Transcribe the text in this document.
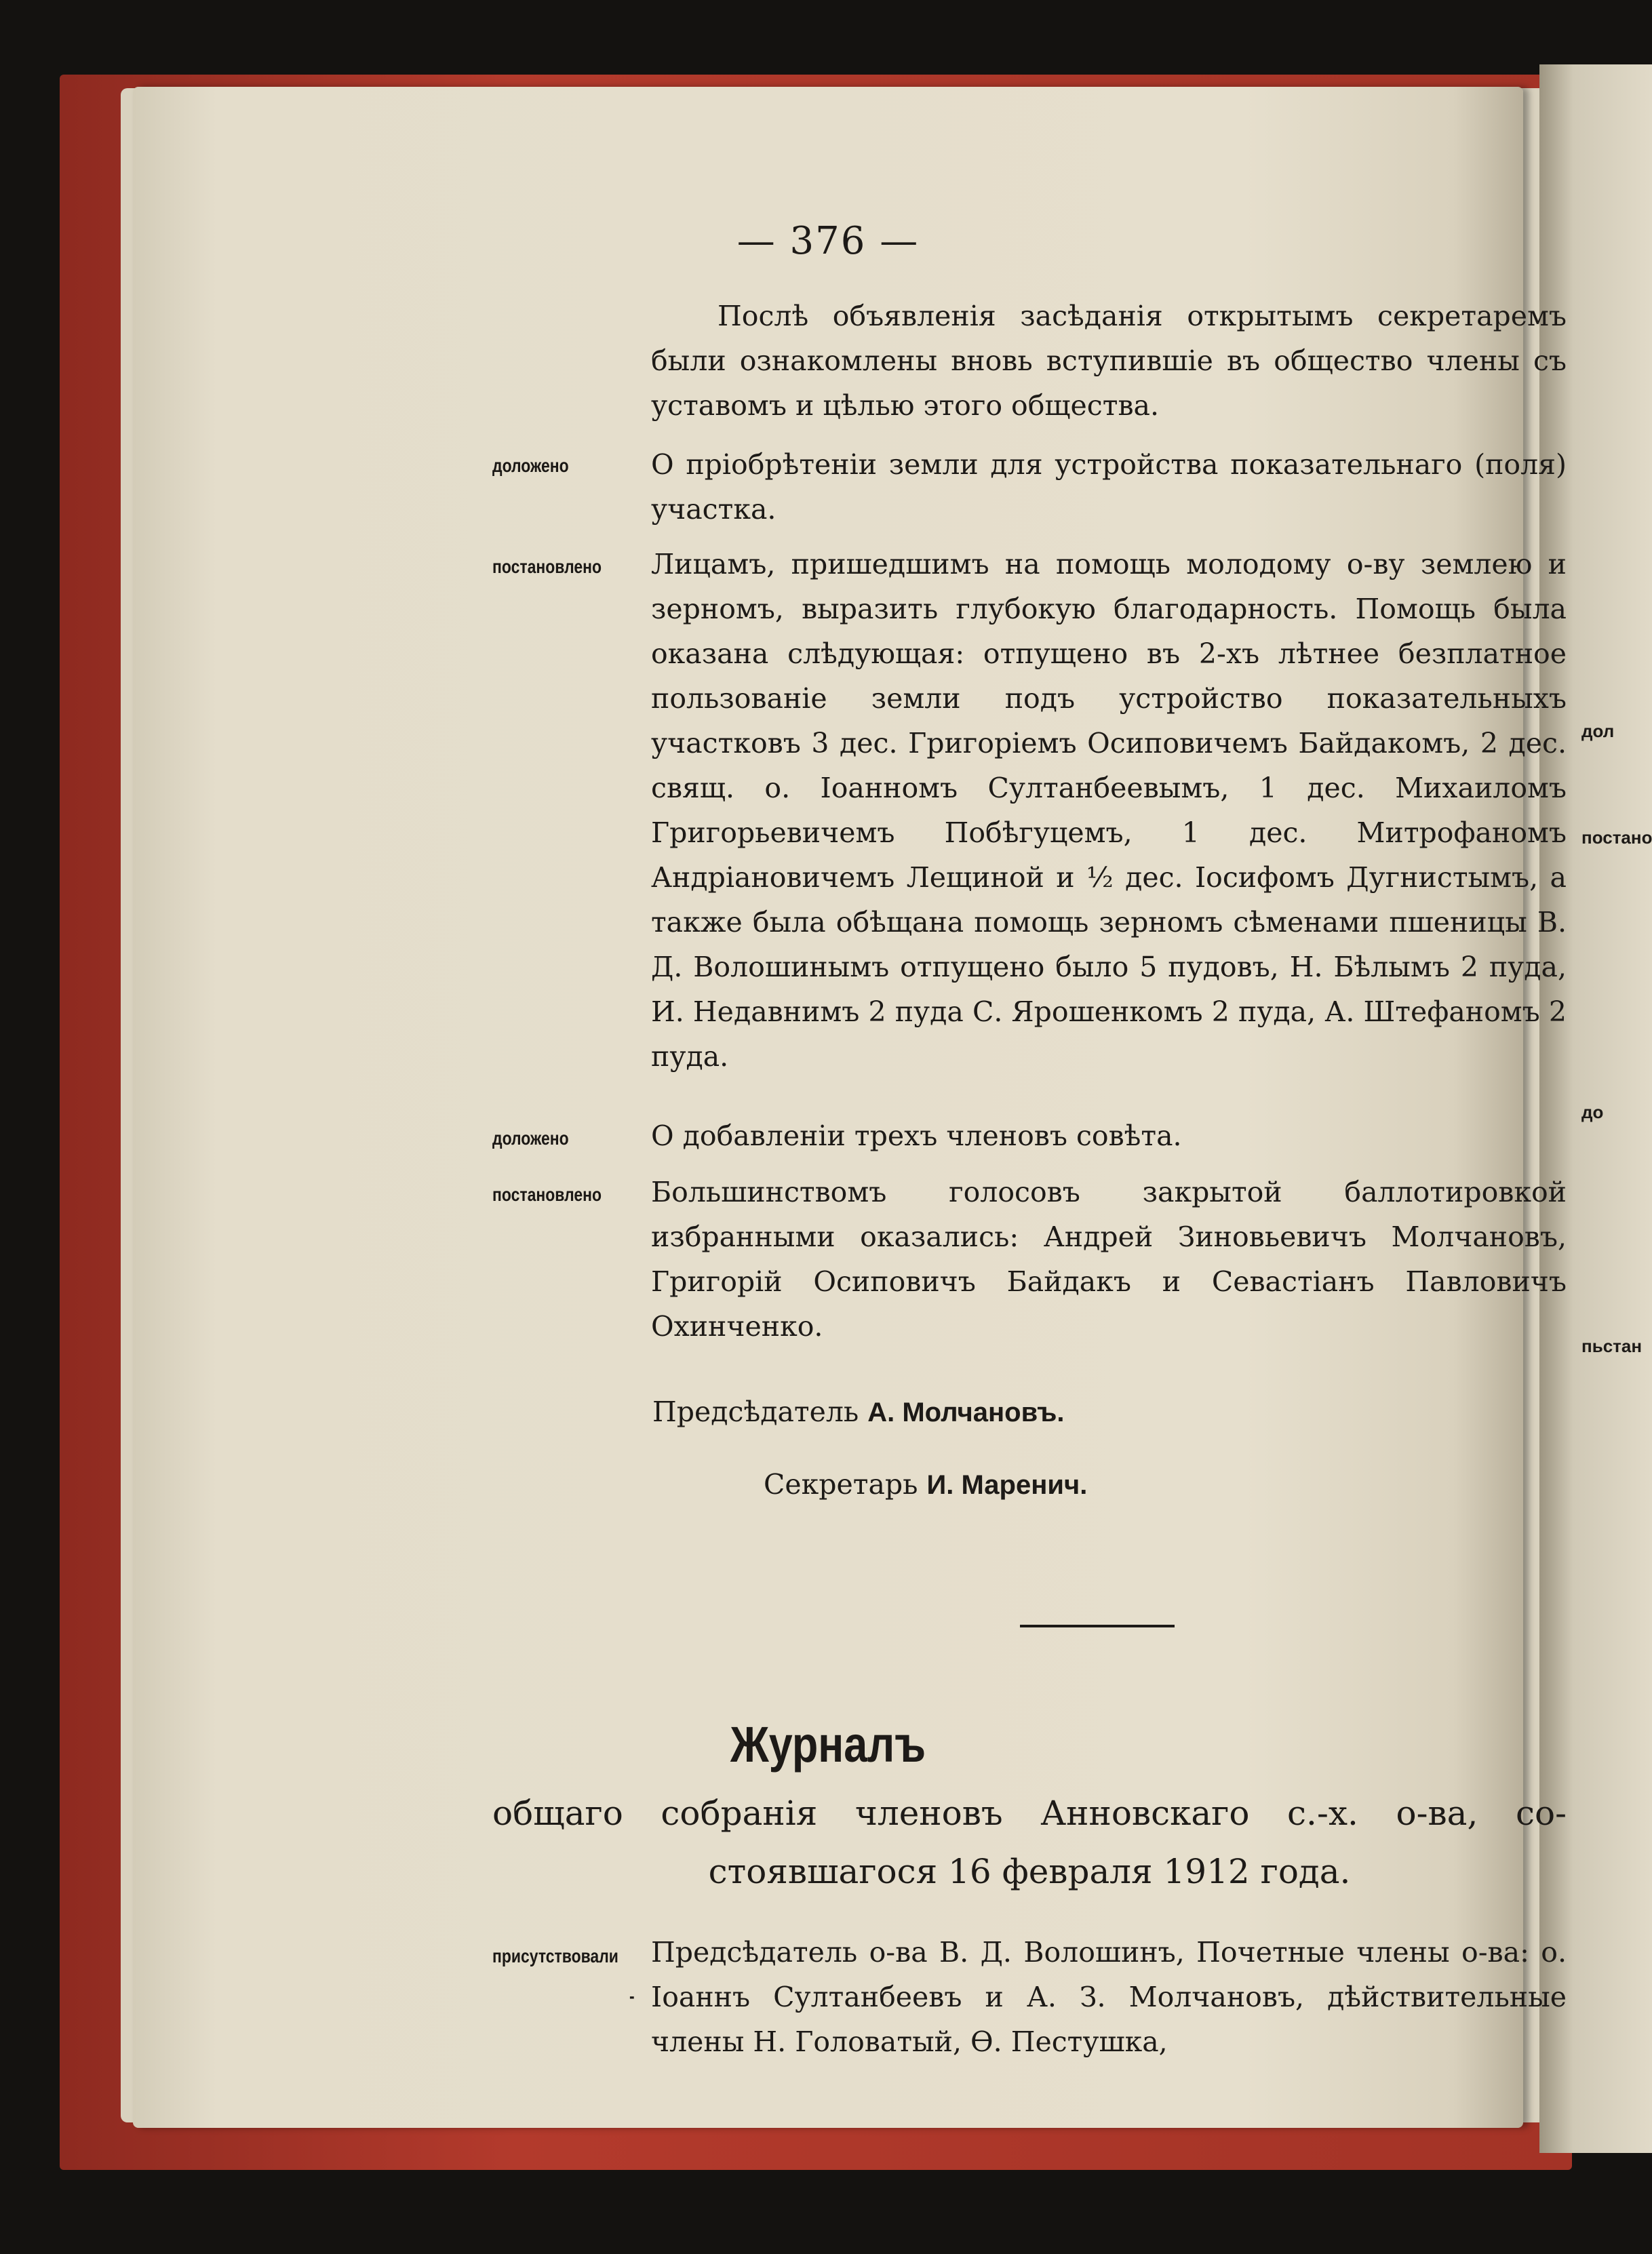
дол
постано
до
пьстан
— 376 —

Послѣ объявленія засѣданія открытымъ секретаремъ были ознакомлены вновь вступившіе въ общество члены съ уставомъ и цѣлью этого общества.

доложено	О пріобрѣтеніи земли для устройства показательнаго (поля) участка.

постановлено	Лицамъ, пришедшимъ на помощь молодому о-ву землею и зерномъ, выразить глубокую благодарность. Помощь была оказана слѣдующая: отпущено въ 2-хъ лѣтнее безплатное пользованіе земли подъ устройство показательныхъ участковъ 3 дес. Григоріемъ Осиповичемъ Байдакомъ, 2 дес. свящ. о. Іоанномъ Султанбеевымъ, 1 дес. Михаиломъ Григорьевичемъ Побѣгуцемъ, 1 дес. Митрофаномъ Андріановичемъ Лещиной и ½ дес. Іосифомъ Дугнистымъ, а также была обѣщана помощь зерномъ сѣменами пшеницы В. Д. Волошинымъ отпущено было 5 пудовъ, Н. Бѣлымъ 2 пуда, И. Недавнимъ 2 пуда С. Ярошенкомъ 2 пуда, А. Штефаномъ 2 пуда.

доложено	О добавленіи трехъ членовъ совѣта.

постановлено	Большинствомъ голосовъ закрытой баллотировкой избранными оказались: Андрей Зиновьевичъ Молчановъ, Григорій Осиповичъ Байдакъ и Севастіанъ Павловичъ Охинченко.

Предсѣдатель А. Молчановъ.
Секретарь И. Маренич.
Журналъ
общаго собранія членовъ Анновскаго с.-х. о-ва, со-
стоявшагося 16 февраля 1912 года.
присутствовали
-

Предсѣдатель о-ва В. Д. Волошинъ, Почетные члены о-ва: о. Іоаннъ Султанбеевъ и А. З. Молчановъ, дѣйствительные члены Н. Головатый, Ѳ. Пестушка,
